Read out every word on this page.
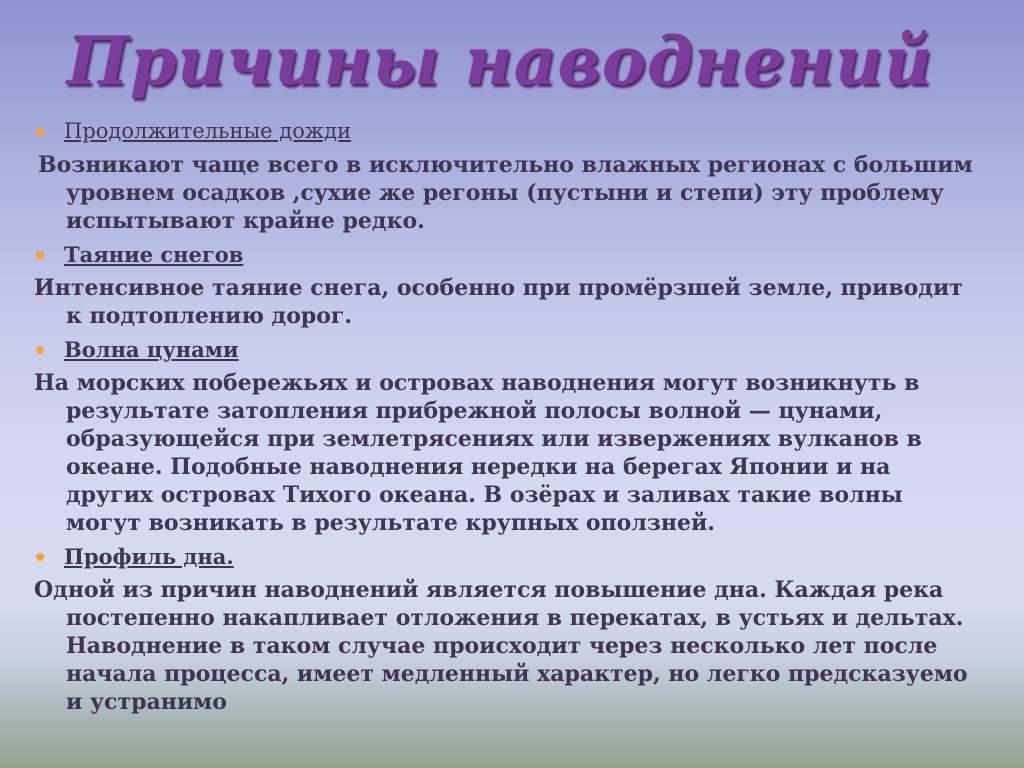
Причины наводнений
Продолжительные дожди

Возникают чаще всего в исключительно влажных регионах с большим уровнем осадков ,сухие же регоны (пустыни и степи) эту проблему испытывают крайне редко.

Таяние снегов

Интенсивное таяние снега, особенно при промёрзшей земле, приводит к подтоплению дорог.

Волна цунами

На морских побережьях и островах наводнения могут возникнуть в результате затопления прибрежной полосы волной — цунами, образующейся при землетрясениях или извержениях вулканов в океане. Подобные наводнения нередки на берегах Японии и на других островах Тихого океана. В озёрах и заливах такие волны могут возникать в результате крупных оползней.

Профиль дна.

Одной из причин наводнений является повышение дна. Каждая река постепенно накапливает отложения в перекатах, в устьях и дельтах. Наводнение в таком случае происходит через несколько лет после начала процесса, имеет медленный характер, но легко предсказуемо и устранимо
